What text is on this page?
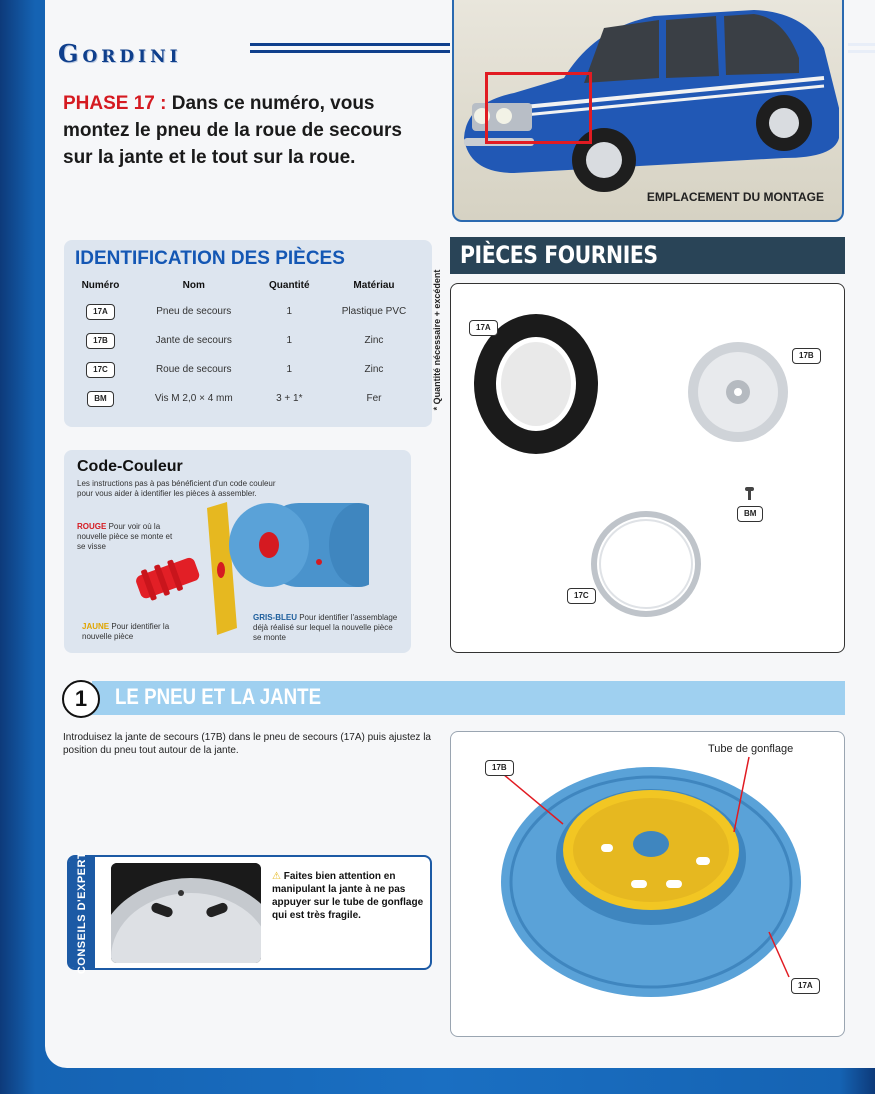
Gordini
PHASE 17 : Dans ce numéro, vous montez le pneu de la roue de secours sur la jante et le tout sur la roue.
EMPLACEMENT DU MONTAGE
IDENTIFICATION DES PIÈCES
Numéro	Nom	Quantité	Matériau
17A	Pneu de secours	1	Plastique PVC
17B	Jante de secours	1	Zinc
17C	Roue de secours	1	Zinc
BM	Vis M 2,0 × 4 mm	3 + 1*	Fer	* Quantité nécessaire + excédent
PIÈCES FOURNIES
17A
17B
BM
17C
Code-Couleur
Les instructions pas à pas bénéficient d'un code couleur pour vous aider à identifier les pièces à assembler.
ROUGE Pour voir où la nouvelle pièce se monte et se visse
JAUNE Pour identifier la nouvelle pièce
GRIS-BLEU Pour identifier l'assemblage déjà réalisé sur lequel la nouvelle pièce se monte
1	LE PNEU ET LA JANTE
Introduisez la jante de secours (17B) dans le pneu de secours (17A) puis ajustez la position du pneu tout autour de la jante.
CONSEILS D'EXPERT	⚠ Faites bien attention en manipulant la jante à ne pas appuyer sur le tube de gonflage qui est très fragile.
Tube de gonflage
17B
17A
